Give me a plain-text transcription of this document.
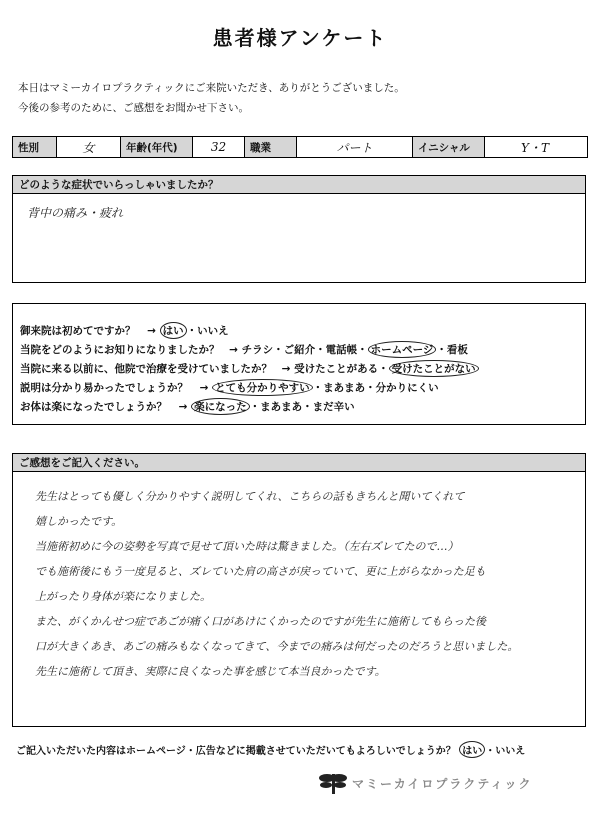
患者様アンケート
本日はマミーカイロプラクティックにご来院いただき、ありがとうございました。
今後の参考のために、ご感想をお聞かせ下さい。
性別	女	年齢(年代)	32	職業	パート	イニシャル	Y・T
どのような症状でいらっしゃいましたか？
背中の痛み・疲れ
御来院は初めてですか？ → はい ・いいえ
当院をどのようにお知りになりましたか？ → チラシ・ご紹介・電話帳・ ホームページ ・看板
当院に来る以前に、他院で治療を受けていましたか？ → 受けたことがある・ 受けたことがない
説明は分かり易かったでしょうか？ → とても分かりやすい ・まあまあ・分かりにくい
お体は楽になったでしょうか？ → 楽になった ・まあまあ・まだ辛い
ご感想をご記入ください。
先生はとっても優しく分かりやすく説明してくれ、こちらの話もきちんと聞いてくれて
嬉しかったです。
当施術初めに今の姿勢を写真で見せて頂いた時は驚きました。（左右ズレてたので…）
でも施術後にもう一度見ると、ズレていた肩の高さが戻っていて、更に上がらなかった足も
上がったり身体が楽になりました。
また、がくかんせつ症であごが痛く口があけにくかったのですが先生に施術してもらった後
口が大きくあき、あごの痛みもなくなってきて、今までの痛みは何だったのだろうと思いました。
先生に施術して頂き、実際に良くなった事を感じて本当良かったです。
ご記入いただいた内容はホームページ・広告などに掲載させていただいてもよろしいでしょうか？ はい ・いいえ
マミーカイロプラクティック
